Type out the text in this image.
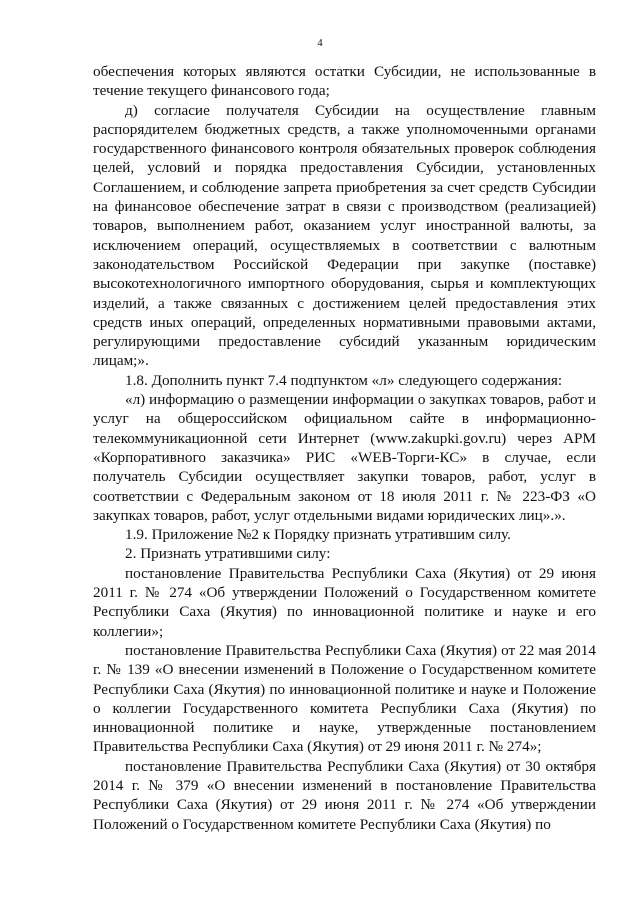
4

обеспечения которых являются остатки Субсидии, не использованные в течение текущего финансового года;

д) согласие получателя Субсидии на осуществление главным распорядителем бюджетных средств, а также уполномоченными органами государственного финансового контроля обязательных проверок соблюдения целей, условий и порядка предоставления Субсидии, установленных Соглашением, и соблюдение запрета приобретения за счет средств Субсидии на финансовое обеспечение затрат в связи с производством (реализацией) товаров, выполнением работ, оказанием услуг иностранной валюты, за исключением операций, осуществляемых в соответствии с валютным законодательством Российской Федерации при закупке (поставке) высокотехнологичного импортного оборудования, сырья и комплектующих изделий, а также связанных с достижением целей предоставления этих средств иных операций, определенных нормативными правовыми актами, регулирующими предоставление субсидий указанным юридическим лицам;».

1.8. Дополнить пункт 7.4 подпунктом «л» следующего содержания:

«л) информацию о размещении информации о закупках товаров, работ и услуг на общероссийском официальном сайте в информационно-телекоммуникационной сети Интернет (www.zakupki.gov.ru) через АРМ «Корпоративного заказчика» РИС «WEB-Торги-КС» в случае, если получатель Субсидии осуществляет закупки товаров, работ, услуг в соответствии с Федеральным законом от 18 июля 2011 г. № 223-ФЗ «О закупках товаров, работ, услуг отдельными видами юридических лиц».».

1.9. Приложение №2 к Порядку признать утратившим силу.

2. Признать утратившими силу:

постановление Правительства Республики Саха (Якутия) от 29 июня 2011 г. № 274 «Об утверждении Положений о Государственном комитете Республики Саха (Якутия) по инновационной политике и науке и его коллегии»;

постановление Правительства Республики Саха (Якутия) от 22 мая 2014 г. № 139 «О внесении изменений в Положение о Государственном комитете Республики Саха (Якутия) по инновационной политике и науке и Положение о коллегии Государственного комитета Республики Саха (Якутия) по инновационной политике и науке, утвержденные постановлением Правительства Республики Саха (Якутия) от 29 июня 2011 г. № 274»;

постановление Правительства Республики Саха (Якутия) от 30 октября 2014 г. № 379 «О внесении изменений в постановление Правительства Республики Саха (Якутия) от 29 июня 2011 г. № 274 «Об утверждении Положений о Государственном комитете Республики Саха (Якутия) по
